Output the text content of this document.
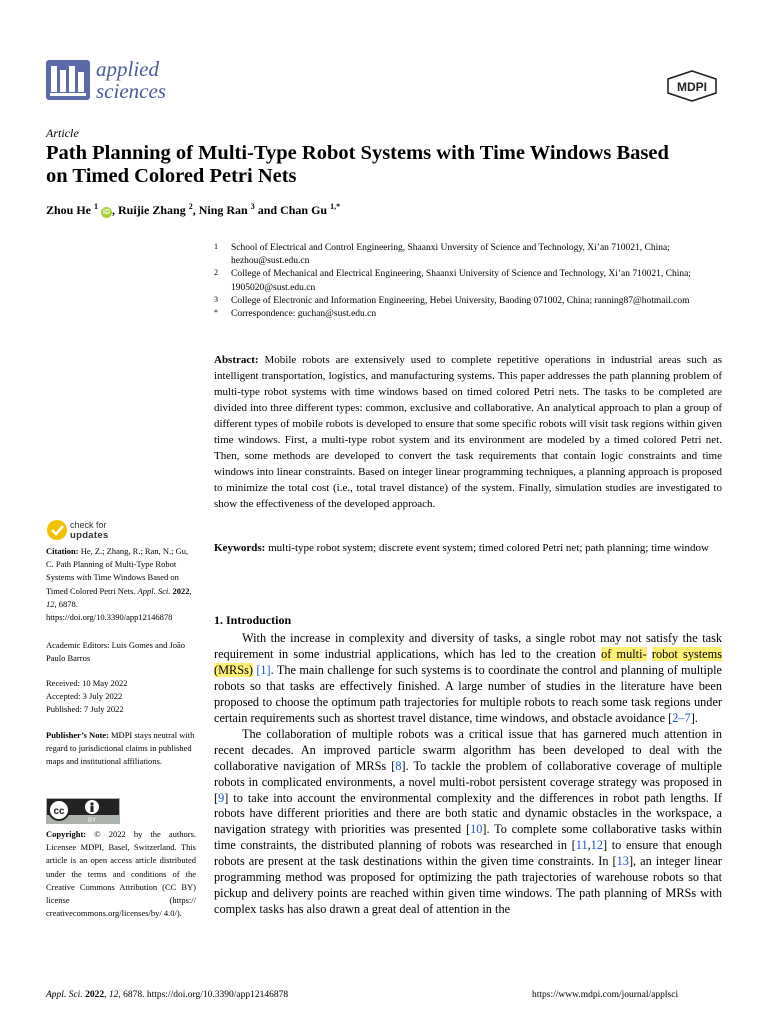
applied
sciences	MDPI
Article
Path Planning of Multi-Type Robot Systems with Time Windows Based on Timed Colored Petri Nets
Zhou He $^1$ iD , Ruijie Zhang $^2$, Ning Ran $^3$ and Chan Gu $^{1,*}$
1 School of Electrical and Control Engineering, Shaanxi Unversity of Science and Technology, Xi’an 710021, China; hezhou@sust.edu.cn
2 College of Mechanical and Electrical Engineering, Shaanxi University of Science and Technology, Xi’an 710021, China; 1905020@sust.edu.cn
3 College of Electronic and Information Engineering, Hebei University, Baoding 071002, China; ranning87@hotmail.com
* Correspondence: guchan@sust.edu.cn
Abstract: Mobile robots are extensively used to complete repetitive operations in industrial areas such as intelligent transportation, logistics, and manufacturing systems. This paper addresses the path planning problem of multi-type robot systems with time windows based on timed colored Petri nets. The tasks to be completed are divided into three different types: common, exclusive and collaborative. An analytical approach to plan a group of different types of mobile robots is developed to ensure that some specific robots will visit task regions within given time windows. First, a multi-type robot system and its environment are modeled by a timed colored Petri net. Then, some methods are developed to convert the task requirements that contain logic constraints and time windows into linear constraints. Based on integer linear programming techniques, a planning approach is proposed to minimize the total cost (i.e., total travel distance) of the system. Finally, simulation studies are investigated to show the effectiveness of the developed approach.
Keywords: multi-type robot system; discrete event system; timed colored Petri net; path planning; time window
check for
updates
Citation: He, Z.; Zhang, R.; Ran, N.; Gu, C. Path Planning of Multi-Type Robot Systems with Time Windows Based on Timed Colored Petri Nets. Appl. Sci. 2022, 12, 6878. https://doi.org/10.3390/app12146878
Academic Editors: Luis Gomes and João Paulo Barros
Received: 10 May 2022
Accepted: 3 July 2022
Published: 7 July 2022
Publisher’s Note: MDPI stays neutral with regard to jurisdictional claims in published maps and institutional affiliations.
cc
BY
Copyright: © 2022 by the authors. Licensee MDPI, Basel, Switzerland. This article is an open access article distributed under the terms and conditions of the Creative Commons Attribution (CC BY) license (https:// creativecommons.org/licenses/by/ 4.0/).
1. Introduction

With the increase in complexity and diversity of tasks, a single robot may not satisfy the task requirement in some industrial applications, which has led to the creation of multi- robot systems (MRSs) [1]. The main challenge for such systems is to coordinate the control and planning of multiple robots so that tasks are effectively finished. A large number of studies in the literature have been proposed to choose the optimum path trajectories for multiple robots to reach some task regions under certain requirements such as shortest travel distance, time windows, and obstacle avoidance [2–7].

The collaboration of multiple robots was a critical issue that has garnered much attention in recent decades. An improved particle swarm algorithm has been developed to deal with the collaborative navigation of MRSs [8]. To tackle the problem of collaborative coverage of multiple robots in complicated environments, a novel multi-robot persistent coverage strategy was proposed in [9] to take into account the environmental complexity and the differences in robot path lengths. If robots have different priorities and there are both static and dynamic obstacles in the workspace, a navigation strategy with priorities was presented [10]. To complete some collaborative tasks within time constraints, the distributed planning of robots was researched in [11,12] to ensure that enough robots are present at the task destinations within the given time constraints. In [13], an integer linear programming method was proposed for optimizing the path trajectories of warehouse robots so that pickup and delivery points are reached within given time windows. The path planning of MRSs with complex tasks has also drawn a great deal of attention in the

Appl. Sci. 2022, 12, 6878. https://doi.org/10.3390/app12146878	https://www.mdpi.com/journal/applsci
